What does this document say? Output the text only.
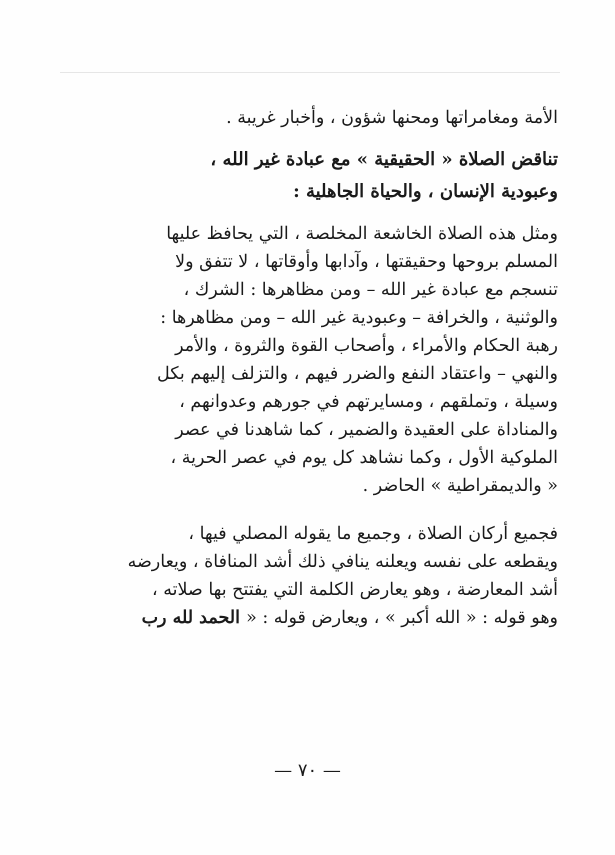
الأمة ومغامراتها ومحنها شؤون ، وأخبار غريبة .
تناقض الصلاة « الحقيقية » مع عبادة غير الله ،
وعبودية الإنسان ، والحياة الجاهلية :
ومثل هذه الصلاة الخاشعة المخلصة ، التي يحافظ عليها
المسلم بروحها وحقيقتها ، وآدابها وأوقاتها ، لا تتفق ولا
تنسجم مع عبادة غير الله – ومن مظاهرها : الشرك ،
والوثنية ، والخرافة – وعبودية غير الله – ومن مظاهرها :
رهبة الحكام والأمراء ، وأصحاب القوة والثروة ، والأمر
والنهي – واعتقاد النفع والضرر فيهم ، والتزلف إليهم بكل
وسيلة ، وتملقهم ، ومسايرتهم في جورهم وعدوانهم ،
والمناداة على العقيدة والضمير ، كما شاهدنا في عصر
الملوكية الأول ، وكما نشاهد كل يوم في عصر الحرية ،
« والديمقراطية » الحاضر .
فجميع أركان الصلاة ، وجميع ما يقوله المصلي فيها ،
ويقطعه على نفسه ويعلنه ينافي ذلك أشد المنافاة ، ويعارضه
أشد المعارضة ، وهو يعارض الكلمة التي يفتتح بها صلاته ،
وهو قوله : « الله أكبر » ، ويعارض قوله : « الحمد لله رب
— ٧٠ —
